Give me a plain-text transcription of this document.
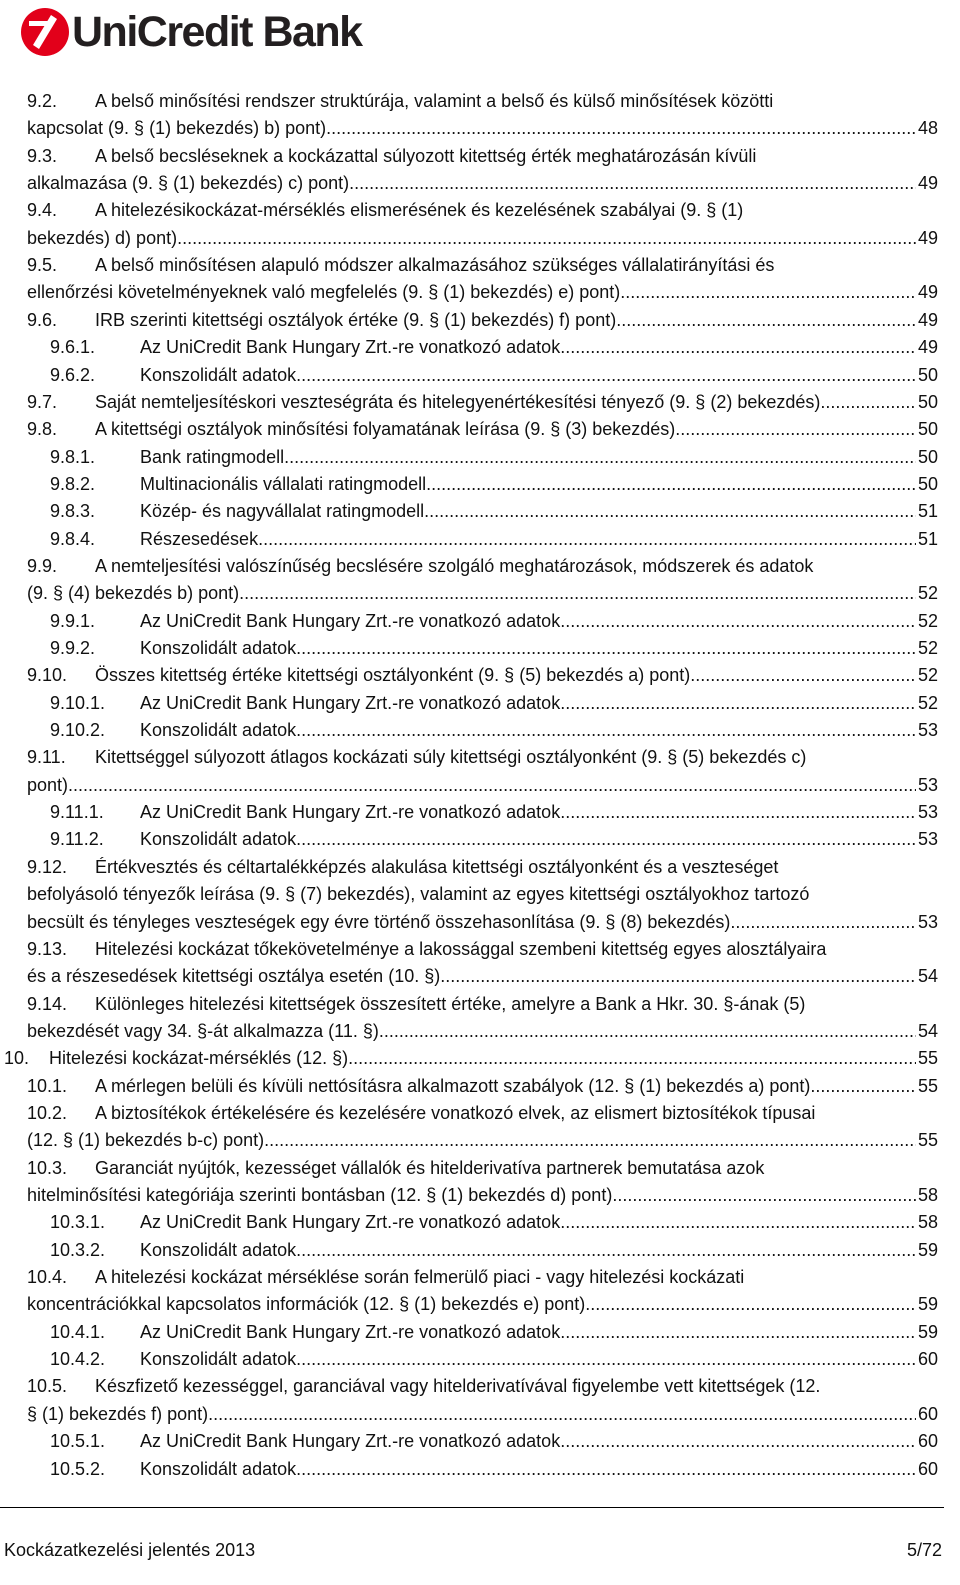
UniCredit Bank
9.2. A belső minősítési rendszer struktúrája, valamint a belső és külső minősítések közötti
kapcsolat (9. § (1) bekezdés) b) pont) .....	48
9.3. A belső becsléseknek a kockázattal súlyozott kitettség érték meghatározásán kívüli
alkalmazása (9. § (1) bekezdés) c) pont) .....	49
9.4. A hitelezésikockázat-mérséklés elismerésének és kezelésének szabályai (9. § (1)
bekezdés) d) pont) .....	49
9.5. A belső minősítésen alapuló módszer alkalmazásához szükséges vállalatirányítási és
ellenőrzési követelményeknek való megfelelés (9. § (1) bekezdés) e) pont) .....	49
9.6. IRB szerinti kitettségi osztályok értéke (9. § (1) bekezdés) f) pont) .....	49
9.6.1. Az UniCredit Bank Hungary Zrt.-re vonatkozó adatok .....	49
9.6.2. Konszolidált adatok .....	50
9.7. Saját nemteljesítéskori veszteségráta és hitelegyenértékesítési tényező (9. § (2) bekezdés) .....	50
9.8. A kitettségi osztályok minősítési folyamatának leírása (9. § (3) bekezdés) .....	50
9.8.1. Bank ratingmodell .....	50
9.8.2. Multinacionális vállalati ratingmodell .....	50
9.8.3. Közép- és nagyvállalat ratingmodell .....	51
9.8.4. Részesedések .....	51
9.9. A nemteljesítési valószínűség becslésére szolgáló meghatározások, módszerek és adatok
(9. § (4) bekezdés b) pont) .....	52
9.9.1. Az UniCredit Bank Hungary Zrt.-re vonatkozó adatok .....	52
9.9.2. Konszolidált adatok .....	52
9.10. Összes kitettség értéke kitettségi osztályonként (9. § (5) bekezdés a) pont) .....	52
9.10.1. Az UniCredit Bank Hungary Zrt.-re vonatkozó adatok .....	52
9.10.2. Konszolidált adatok .....	53
9.11. Kitettséggel súlyozott átlagos kockázati súly kitettségi osztályonként (9. § (5) bekezdés c)
pont) .....	53
9.11.1. Az UniCredit Bank Hungary Zrt.-re vonatkozó adatok .....	53
9.11.2. Konszolidált adatok .....	53
9.12. Értékvesztés és céltartalékképzés alakulása kitettségi osztályonként és a veszteséget
befolyásoló tényezők leírása (9. § (7) bekezdés), valamint az egyes kitettségi osztályokhoz tartozó
becsült és tényleges veszteségek egy évre történő összehasonlítása (9. § (8) bekezdés) .....	53
9.13. Hitelezési kockázat tőkekövetelménye a lakossággal szembeni kitettség egyes alosztályaira
és a részesedések kitettségi osztálya esetén (10. §) .....	54
9.14. Különleges hitelezési kitettségek összesített értéke, amelyre a Bank a Hkr. 30. §-ának (5)
bekezdését vagy 34. §-át alkalmazza (11. §) .....	54
10. Hitelezési kockázat-mérséklés (12. §) .....	55
10.1. A mérlegen belüli és kívüli nettósításra alkalmazott szabályok (12. § (1) bekezdés a) pont) .....	55
10.2. A biztosítékok értékelésére és kezelésére vonatkozó elvek, az elismert biztosítékok típusai
(12. § (1) bekezdés b-c) pont) .....	55
10.3. Garanciát nyújtók, kezességet vállalók és hitelderivatíva partnerek bemutatása azok
hitelminősítési kategóriája szerinti bontásban (12. § (1) bekezdés d) pont) .....	58
10.3.1. Az UniCredit Bank Hungary Zrt.-re vonatkozó adatok .....	58
10.3.2. Konszolidált adatok .....	59
10.4. A hitelezési kockázat mérséklése során felmerülő piaci - vagy hitelezési kockázati
koncentrációkkal kapcsolatos információk (12. § (1) bekezdés e) pont) .....	59
10.4.1. Az UniCredit Bank Hungary Zrt.-re vonatkozó adatok .....	59
10.4.2. Konszolidált adatok .....	60
10.5. Készfizető kezességgel, garanciával vagy hitelderivatívával figyelembe vett kitettségek (12.
§ (1) bekezdés f) pont) .....	60
10.5.1. Az UniCredit Bank Hungary Zrt.-re vonatkozó adatok .....	60
10.5.2. Konszolidált adatok .....	60
Kockázatkezelési jelentés 2013	5/72
